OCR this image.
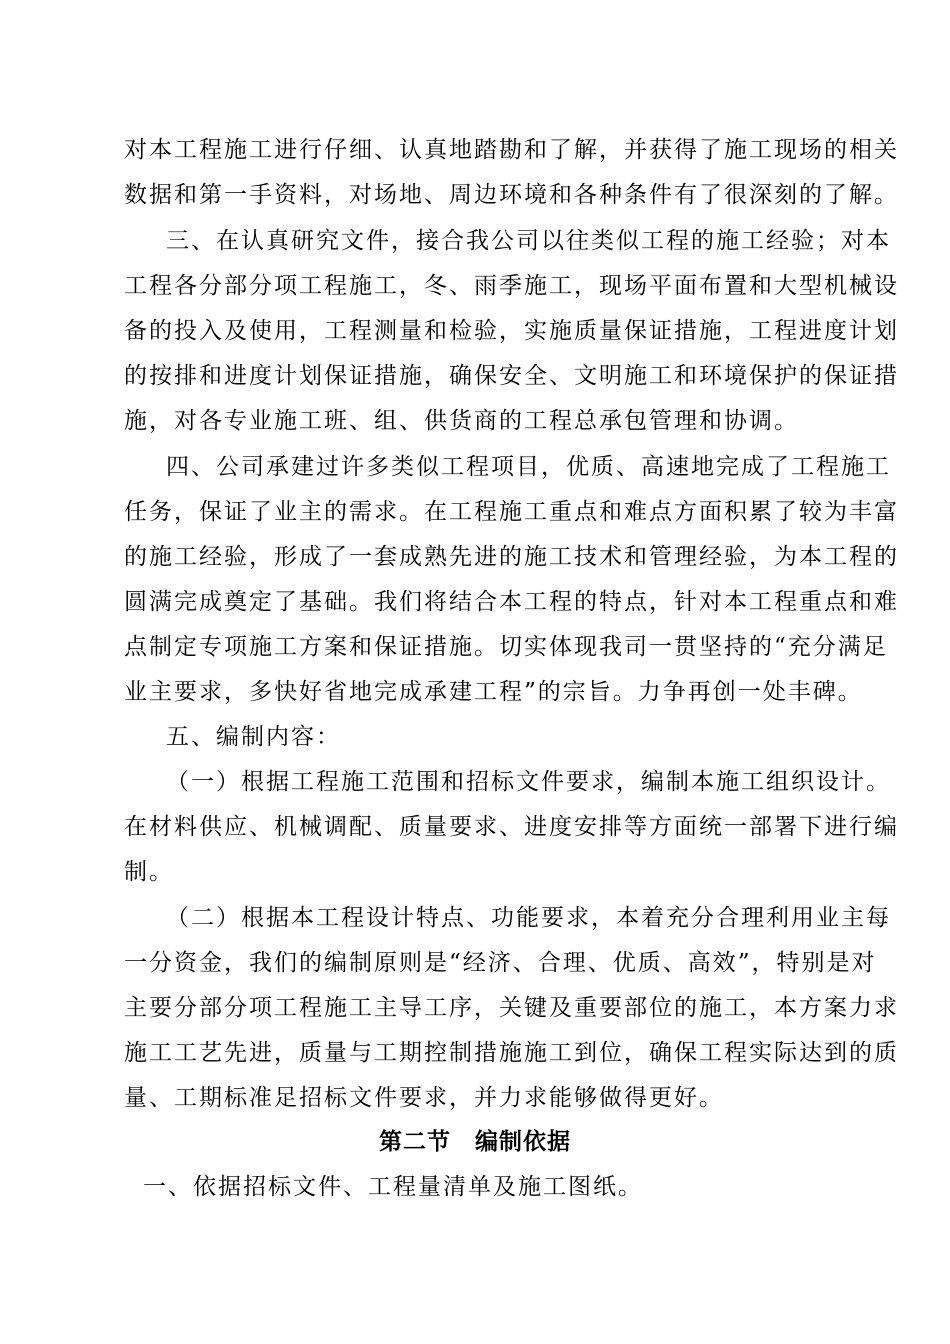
对本工程施工进行仔细、认真地踏勘和了解，并获得了施工现场的相关
数据和第一手资料，对场地、周边环境和各种条件有了很深刻的了解。
三、在认真研究文件，接合我公司以往类似工程的施工经验；对本
工程各分部分项工程施工，冬、雨季施工，现场平面布置和大型机械设
备的投入及使用，工程测量和检验，实施质量保证措施，工程进度计划
的按排和进度计划保证措施，确保安全、文明施工和环境保护的保证措
施，对各专业施工班、组、供货商的工程总承包管理和协调。
四、公司承建过许多类似工程项目，优质、高速地完成了工程施工
任务，保证了业主的需求。在工程施工重点和难点方面积累了较为丰富
的施工经验，形成了一套成熟先进的施工技术和管理经验，为本工程的
圆满完成奠定了基础。我们将结合本工程的特点，针对本工程重点和难
点制定专项施工方案和保证措施。切实体现我司一贯坚持的“充分满足
业主要求，多快好省地完成承建工程”的宗旨。力争再创一处丰碑。
五、编制内容：
（一）根据工程施工范围和招标文件要求，编制本施工组织设计。
在材料供应、机械调配、质量要求、进度安排等方面统一部署下进行编
制。
（二）根据本工程设计特点、功能要求，本着充分合理利用业主每
一分资金，我们的编制原则是“经济、合理、优质、高效”，特别是对
主要分部分项工程施工主导工序，关键及重要部位的施工，本方案力求
施工工艺先进，质量与工期控制措施施工到位，确保工程实际达到的质
量、工期标准足招标文件要求，并力求能够做得更好。
第二节　编制依据
一、依据招标文件、工程量清单及施工图纸。
